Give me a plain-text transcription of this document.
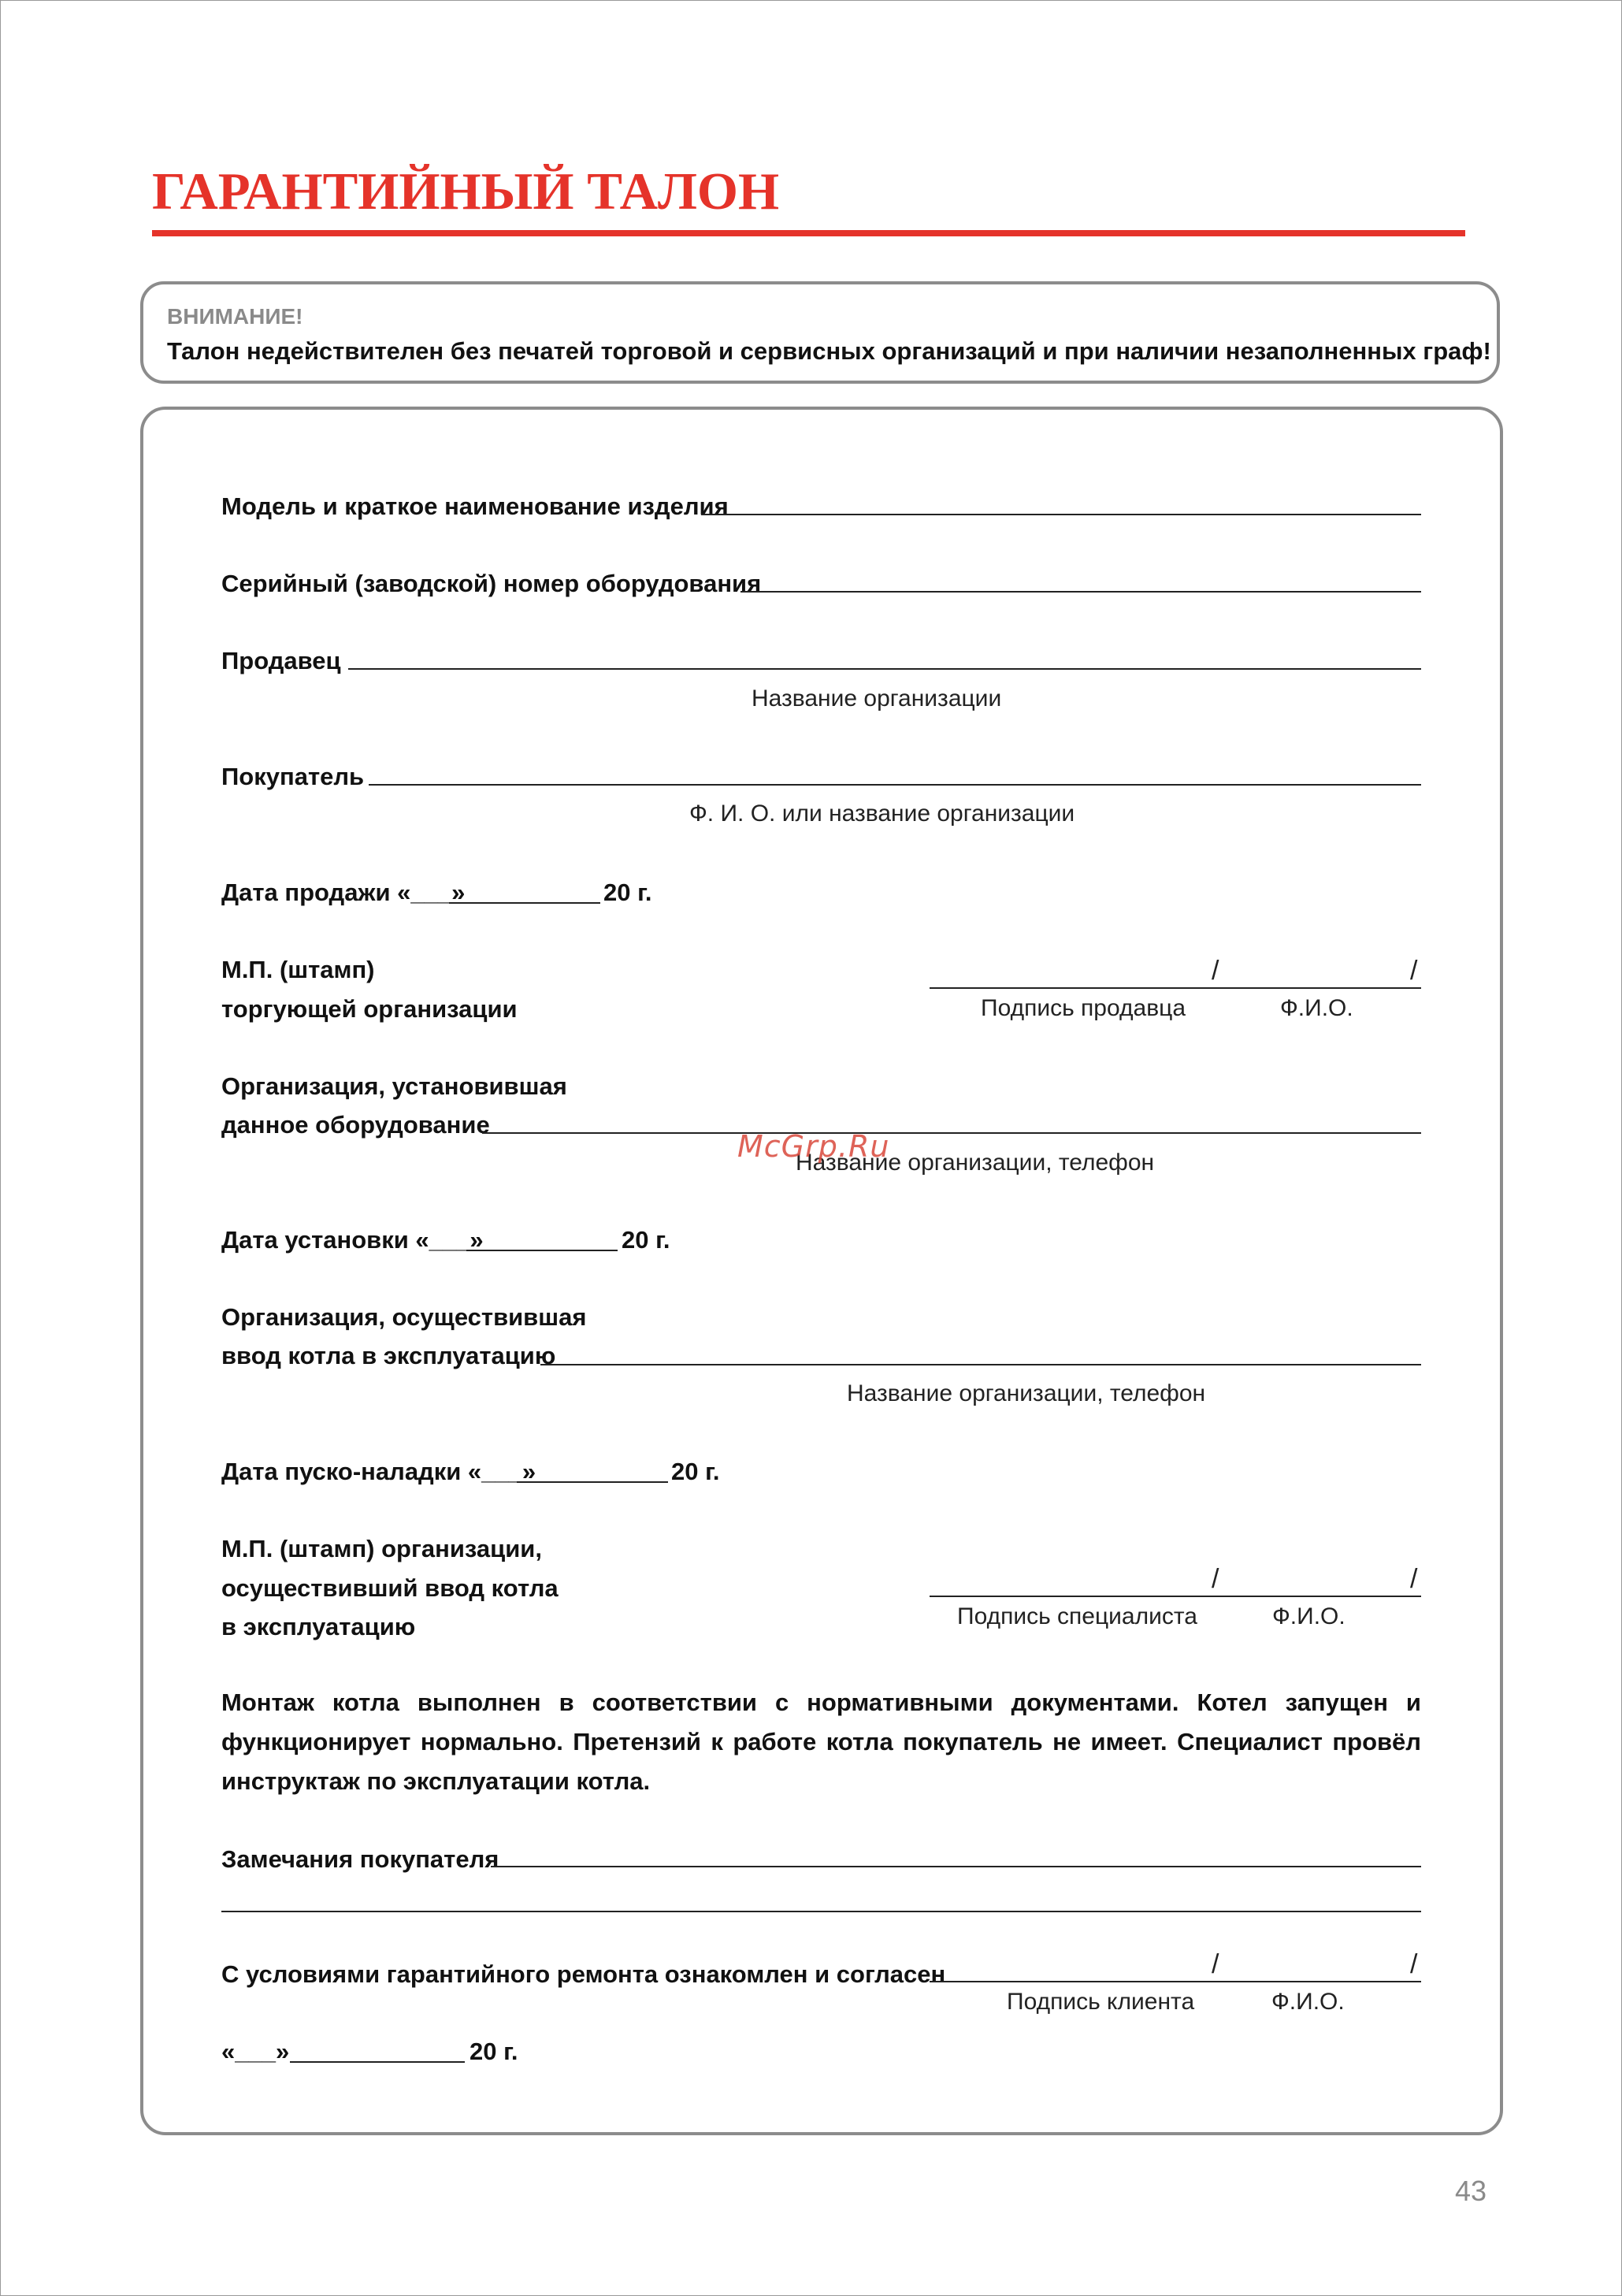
ГАРАНТИЙНЫЙ ТАЛОН
ВНИМАНИЕ!
Талон недействителен без печатей торговой и сервисных организаций и при наличии незаполненных граф!
Модель и краткое наименование изделия
Серийный (заводской) номер оборудования
Продавец
Название организации
Покупатель
Ф. И. О. или название организации
Дата продажи «___»	20 г.
М.П. (штамп)
торгующей организации
/	/
Подпись продавца	Ф.И.О.
Организация, установившая
данное оборудование
Название организации, телефон
McGrp.Ru
Дата установки «___»	20 г.
Организация, осуществившая
ввод котла в эксплуатацию
Название организации, телефон
Дата пуско-наладки «___»	20 г.
М.П. (штамп) организации,
осуществивший ввод котла
в эксплуатацию
/	/
Подпись специалиста	Ф.И.О.
Монтаж котла выполнен в соответствии с нормативными документами. Котел запущен и функционирует нормально. Претензий к работе котла покупатель не имеет. Специалист провёл инструктаж по эксплуатации котла.
Замечания покупателя
С условиями гарантийного ремонта ознакомлен и согласен	/	/
Подпись клиента	Ф.И.О.
«___»	20 г.
43
